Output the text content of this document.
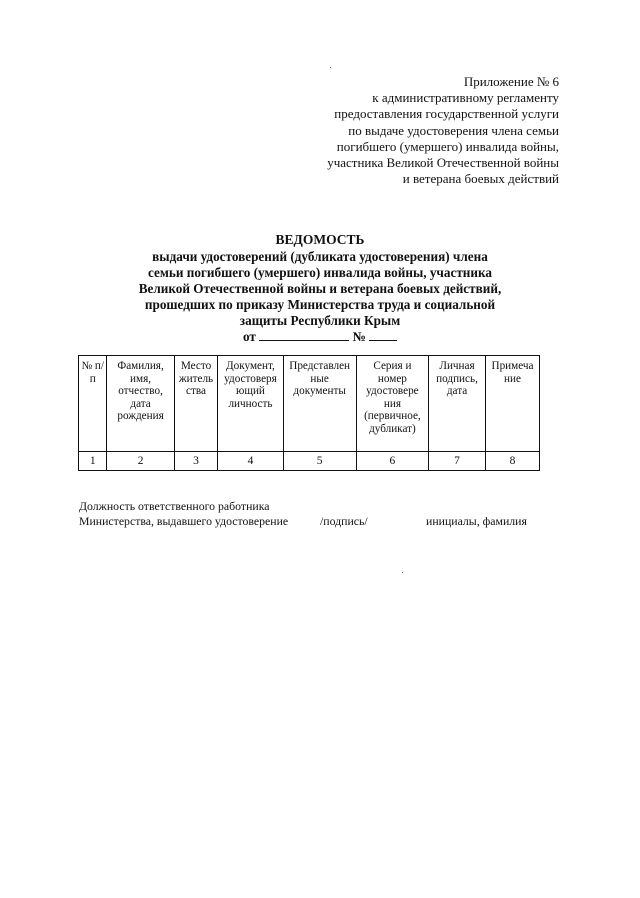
Приложение № 6
к административному регламенту
предоставления государственной услуги
по выдаче удостоверения члена семьи
погибшего (умершего) инвалида войны,
участника Великой Отечественной войны
и ветерана боевых действий
ВЕДОМОСТЬ
выдачи удостоверений (дубликата удостоверения) члена
семьи погибшего (умершего) инвалида войны, участника
Великой Отечественной войны и ветерана боевых действий,
прошедших по приказу Министерства труда и социальной
защиты Республики Крым
от	№
№ п/п	Фамилия, имя, отчество, дата рождения	Место житель ства	Документ, удостоверя ющий личность	Представлен ные документы	Серия и номер удостовере ния (первичное, дубликат)	Личная подпись, дата	Примеча ние
1	2	3	4	5	6	7	8
Должность ответственного работника
Министерства, выдавшего удостоверение	/подпись/	инициалы, фамилия
